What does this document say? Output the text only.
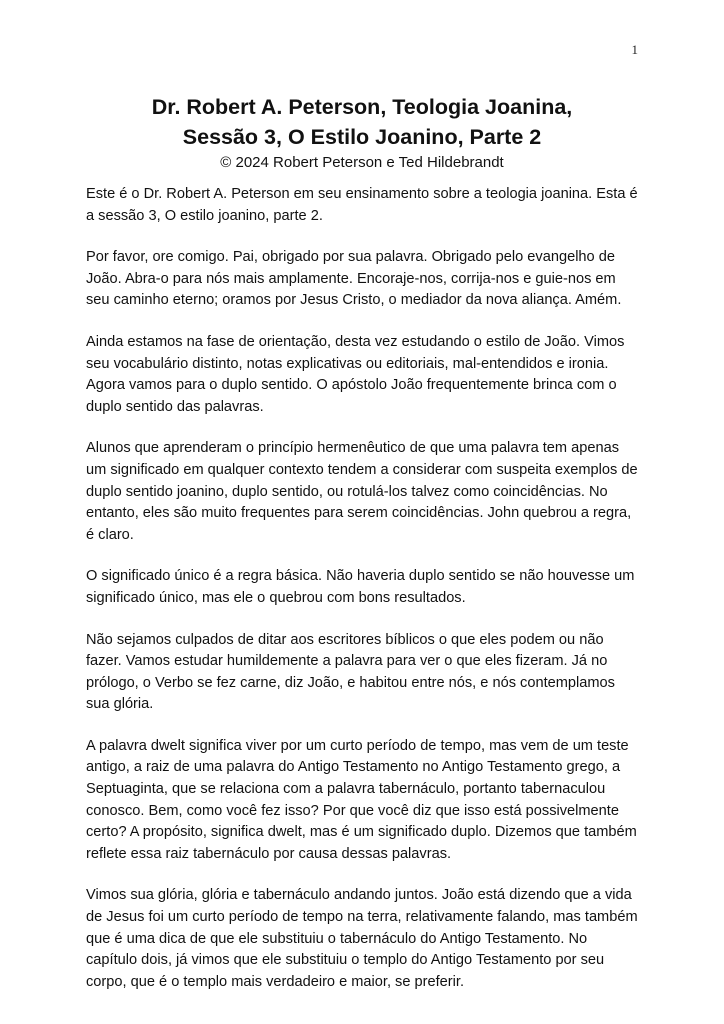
1

Dr. Robert A. Peterson, Teologia Joanina,

Sessão 3, O Estilo Joanino, Parte 2

© 2024 Robert Peterson e Ted Hildebrandt

Este é o Dr. Robert A. Peterson em seu ensinamento sobre a teologia joanina. Esta é a sessão 3, O estilo joanino, parte 2.

Por favor, ore comigo. Pai, obrigado por sua palavra. Obrigado pelo evangelho de João. Abra-o para nós mais amplamente. Encoraje-nos, corrija-nos e guie-nos em seu caminho eterno; oramos por Jesus Cristo, o mediador da nova aliança. Amém.

Ainda estamos na fase de orientação, desta vez estudando o estilo de João. Vimos seu vocabulário distinto, notas explicativas ou editoriais, mal-entendidos e ironia. Agora vamos para o duplo sentido. O apóstolo João frequentemente brinca com o duplo sentido das palavras.

Alunos que aprenderam o princípio hermenêutico de que uma palavra tem apenas um significado em qualquer contexto tendem a considerar com suspeita exemplos de duplo sentido joanino, duplo sentido, ou rotulá-los talvez como coincidências. No entanto, eles são muito frequentes para serem coincidências. John quebrou a regra, é claro.

O significado único é a regra básica. Não haveria duplo sentido se não houvesse um significado único, mas ele o quebrou com bons resultados.

Não sejamos culpados de ditar aos escritores bíblicos o que eles podem ou não fazer. Vamos estudar humildemente a palavra para ver o que eles fizeram. Já no prólogo, o Verbo se fez carne, diz João, e habitou entre nós, e nós contemplamos sua glória.

A palavra dwelt significa viver por um curto período de tempo, mas vem de um teste antigo, a raiz de uma palavra do Antigo Testamento no Antigo Testamento grego, a Septuaginta, que se relaciona com a palavra tabernáculo, portanto tabernaculou conosco. Bem, como você fez isso? Por que você diz que isso está possivelmente certo? A propósito, significa dwelt, mas é um significado duplo. Dizemos que também reflete essa raiz tabernáculo por causa dessas palavras.

Vimos sua glória, glória e tabernáculo andando juntos. João está dizendo que a vida de Jesus foi um curto período de tempo na terra, relativamente falando, mas também que é uma dica de que ele substituiu o tabernáculo do Antigo Testamento. No capítulo dois, já vimos que ele substituiu o templo do Antigo Testamento por seu corpo, que é o templo mais verdadeiro e maior, se preferir.
